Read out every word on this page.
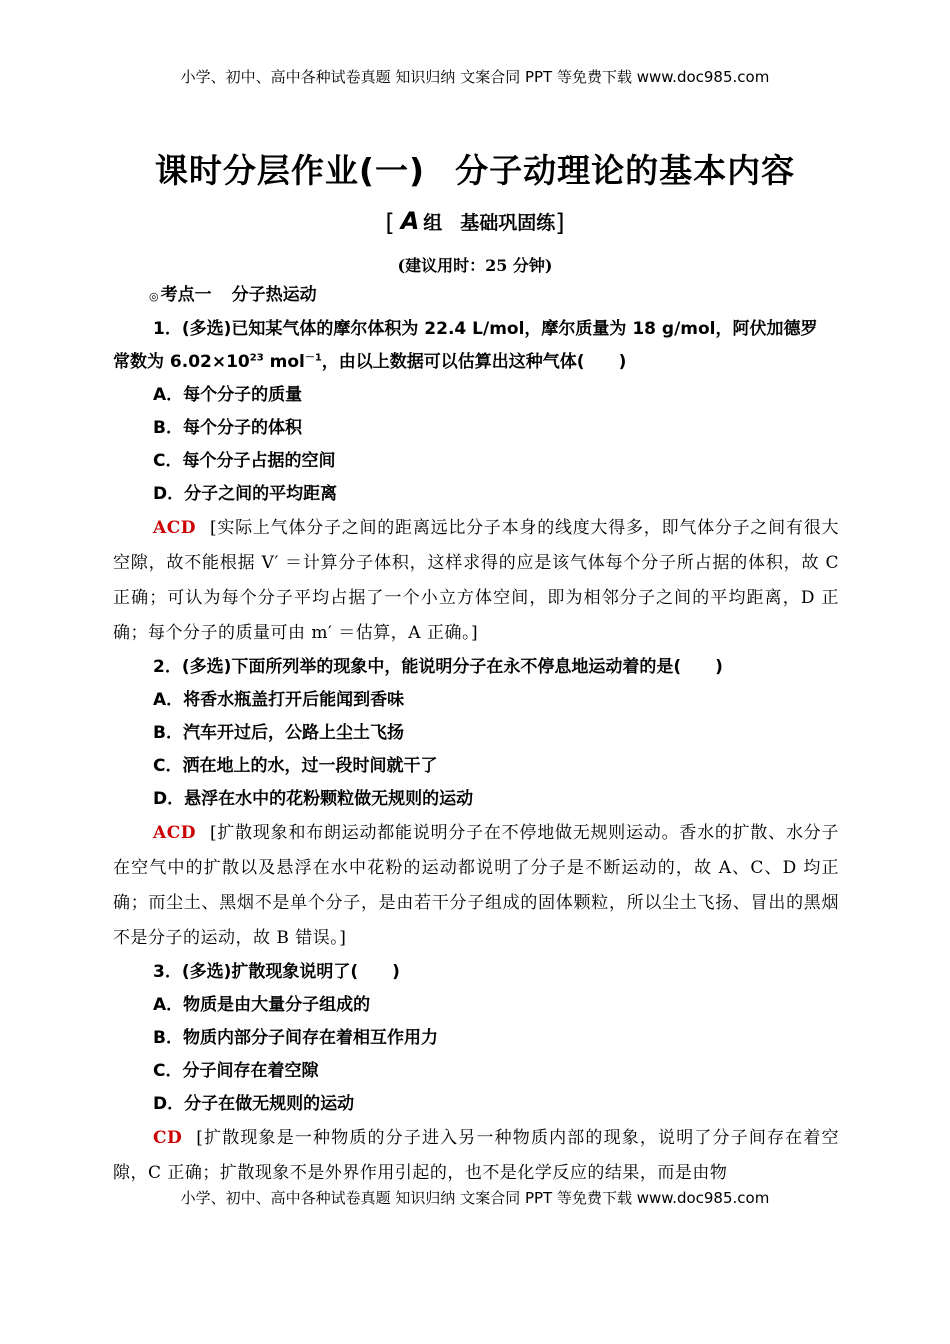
小学、初中、高中各种试卷真题 知识归纳 文案合同 PPT 等免费下载 www.doc985.com
课时分层作业(一) 分子动理论的基本内容
[ A 组 基础巩固练]
(建议用时：25 分钟)
◎ 考点一 分子热运动
1．(多选)已知某气体的摩尔体积为 22.4 L/mol，摩尔质量为 18 g/mol，阿伏加德罗
常数为 $6.02\times 10^{23}$ mol$^{-1}$，由以上数据可以估算出这种气体(　　)
A．每个分子的质量
B．每个分子的体积
C．每个分子占据的空间
D．分子之间的平均距离
ACD [实际上气体分子之间的距离远比分子本身的线度大得多，即气体分子之间有很大空隙，故不能根据 V′ ＝计算分子体积，这样求得的应是该气体每个分子所占据的体积，故 C 正确；可认为每个分子平均占据了一个小立方体空间，即为相邻分子之间的平均距离，D 正确；每个分子的质量可由 m′ ＝估算，A 正确。]
2．(多选)下面所列举的现象中，能说明分子在永不停息地运动着的是(　　)
A．将香水瓶盖打开后能闻到香味
B．汽车开过后，公路上尘土飞扬
C．洒在地上的水，过一段时间就干了
D．悬浮在水中的花粉颗粒做无规则的运动
ACD [扩散现象和布朗运动都能说明分子在不停地做无规则运动。香水的扩散、水分子在空气中的扩散以及悬浮在水中花粉的运动都说明了分子是不断运动的，故 A、C、D 均正确；而尘土、黑烟不是单个分子，是由若干分子组成的固体颗粒，所以尘土飞扬、冒出的黑烟不是分子的运动，故 B 错误。]
3．(多选)扩散现象说明了(　　)
A．物质是由大量分子组成的
B．物质内部分子间存在着相互作用力
C．分子间存在着空隙
D．分子在做无规则的运动
CD [扩散现象是一种物质的分子进入另一种物质内部的现象，说明了分子间存在着空隙，C 正确；扩散现象不是外界作用引起的，也不是化学反应的结果，而是由物
小学、初中、高中各种试卷真题 知识归纳 文案合同 PPT 等免费下载 www.doc985.com
